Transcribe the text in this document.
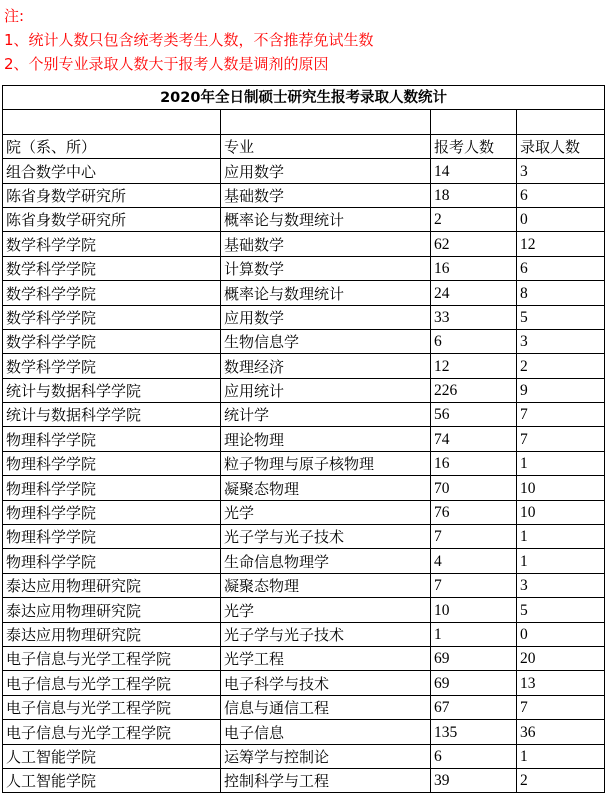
注:
1、统计人数只包含统考类考生人数，不含推荐免试生数
2、个别专业录取人数大于报考人数是调剂的原因
2020年全日制硕士研究生报考录取人数统计			

院（系、所）	专业	报考人数	录取人数
组合数学中心	应用数学	14	3
陈省身数学研究所	基础数学	18	6
陈省身数学研究所	概率论与数理统计	2	0
数学科学学院	基础数学	62	12
数学科学学院	计算数学	16	6
数学科学学院	概率论与数理统计	24	8
数学科学学院	应用数学	33	5
数学科学学院	生物信息学	6	3
数学科学学院	数理经济	12	2
统计与数据科学学院	应用统计	226	9
统计与数据科学学院	统计学	56	7
物理科学学院	理论物理	74	7
物理科学学院	粒子物理与原子核物理	16	1
物理科学学院	凝聚态物理	70	10
物理科学学院	光学	76	10
物理科学学院	光子学与光子技术	7	1
物理科学学院	生命信息物理学	4	1
泰达应用物理研究院	凝聚态物理	7	3
泰达应用物理研究院	光学	10	5
泰达应用物理研究院	光子学与光子技术	1	0
电子信息与光学工程学院	光学工程	69	20
电子信息与光学工程学院	电子科学与技术	69	13
电子信息与光学工程学院	信息与通信工程	67	7
电子信息与光学工程学院	电子信息	135	36
人工智能学院	运筹学与控制论	6	1
人工智能学院	控制科学与工程	39	2
